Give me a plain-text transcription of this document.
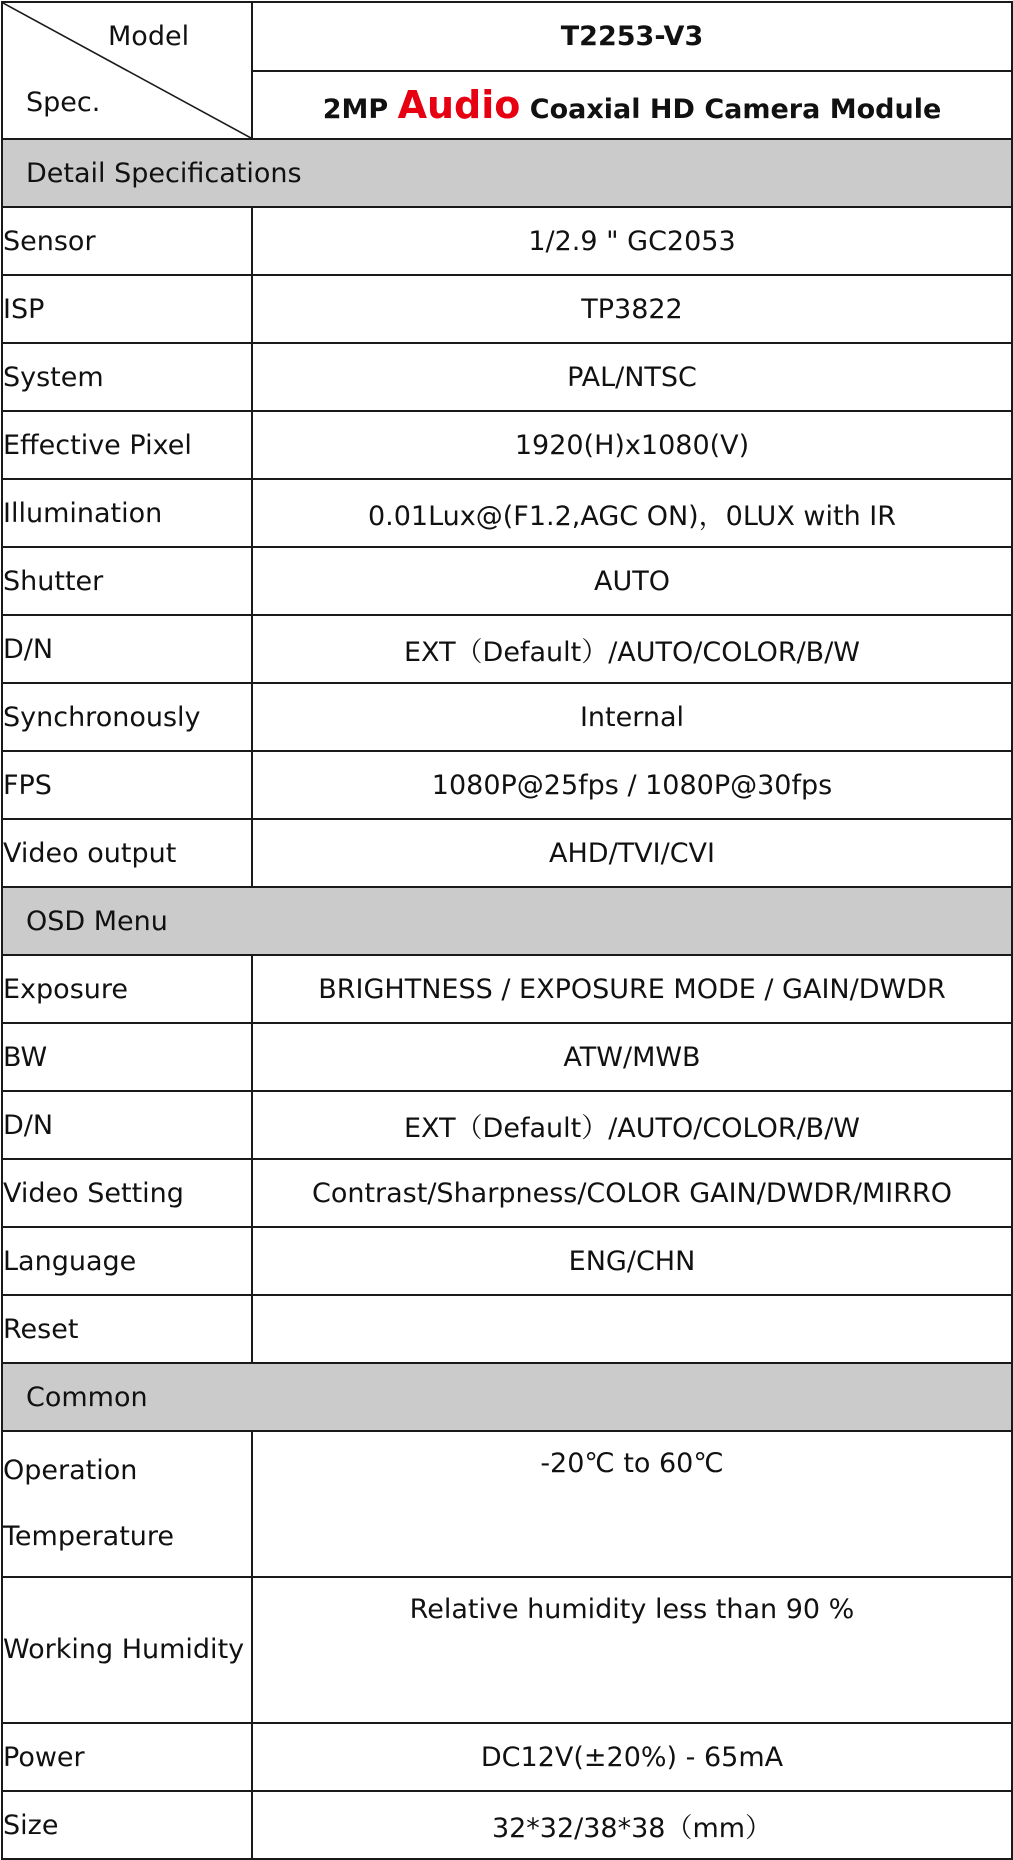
Model
Spec.	T2253-V3
	2MP Audio Coaxial HD Camera Module
Detail Specifications	
Sensor	1/2.9 " GC2053
ISP	TP3822
System	PAL/NTSC
Effective Pixel	1920(H)x1080(V)
Illumination	0.01Lux@(F1.2,AGC ON)，0LUX with IR
Shutter	AUTO
D/N	EXT（Default）/AUTO/COLOR/B/W
Synchronously	Internal
FPS	1080P@25fps / 1080P@30fps
Video output	AHD/TVI/CVI
OSD Menu	
Exposure	BRIGHTNESS / EXPOSURE MODE / GAIN/DWDR
BW	ATW/MWB
D/N	EXT（Default）/AUTO/COLOR/B/W
Video Setting	Contrast/Sharpness/COLOR GAIN/DWDR/MIRRO
Language	ENG/CHN
Reset	
Common	
Operation Temperature	-20℃ to 60℃
Working Humidity	Relative humidity less than 90 %
Power	DC12V(±20%) - 65mA
Size	32*32/38*38（mm）
